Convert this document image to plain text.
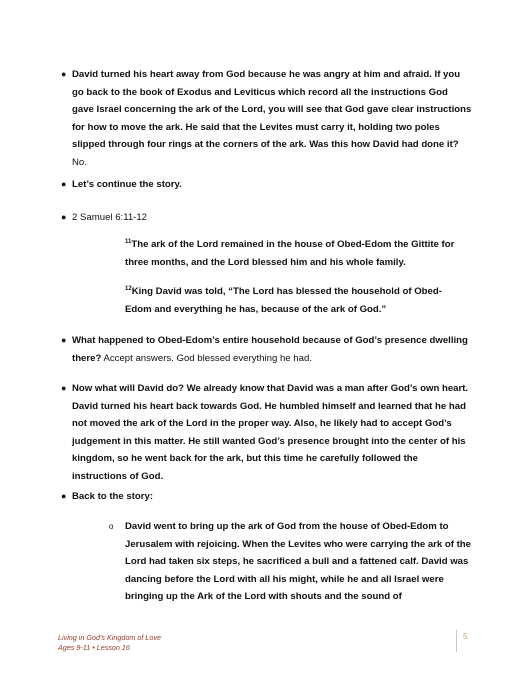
● David turned his heart away from God because he was angry at him and afraid. If you go back to the book of Exodus and Leviticus which record all the instructions God gave Israel concerning the ark of the Lord, you will see that God gave clear instructions for how to move the ark. He said that the Levites must carry it, holding two poles slipped through four rings at the corners of the ark. Was this how David had done it? No.
● Let’s continue the story.
● 2 Samuel 6:11-12
$^{11}$The ark of the Lord remained in the house of Obed-Edom the Gittite for three months, and the Lord blessed him and his whole family.
$^{12}$King David was told, “The Lord has blessed the household of Obed-Edom and everything he has, because of the ark of God.”
● What happened to Obed-Edom’s entire household because of God’s presence dwelling there? Accept answers. God blessed everything he had.
● Now what will David do? We already know that David was a man after God’s own heart. David turned his heart back towards God. He humbled himself and learned that he had not moved the ark of the Lord in the proper way. Also, he likely had to accept God’s judgement in this matter. He still wanted God’s presence brought into the center of his kingdom, so he went back for the ark, but this time he carefully followed the instructions of God.
● Back to the story:
o David went to bring up the ark of God from the house of Obed-Edom to Jerusalem with rejoicing. When the Levites who were carrying the ark of the Lord had taken six steps, he sacrificed a bull and a fattened calf. David was dancing before the Lord with all his might, while he and all Israel were bringing up the Ark of the Lord with shouts and the sound of
Living in God’s Kingdom of Love
Ages 9-11 • Lesson 16
5
